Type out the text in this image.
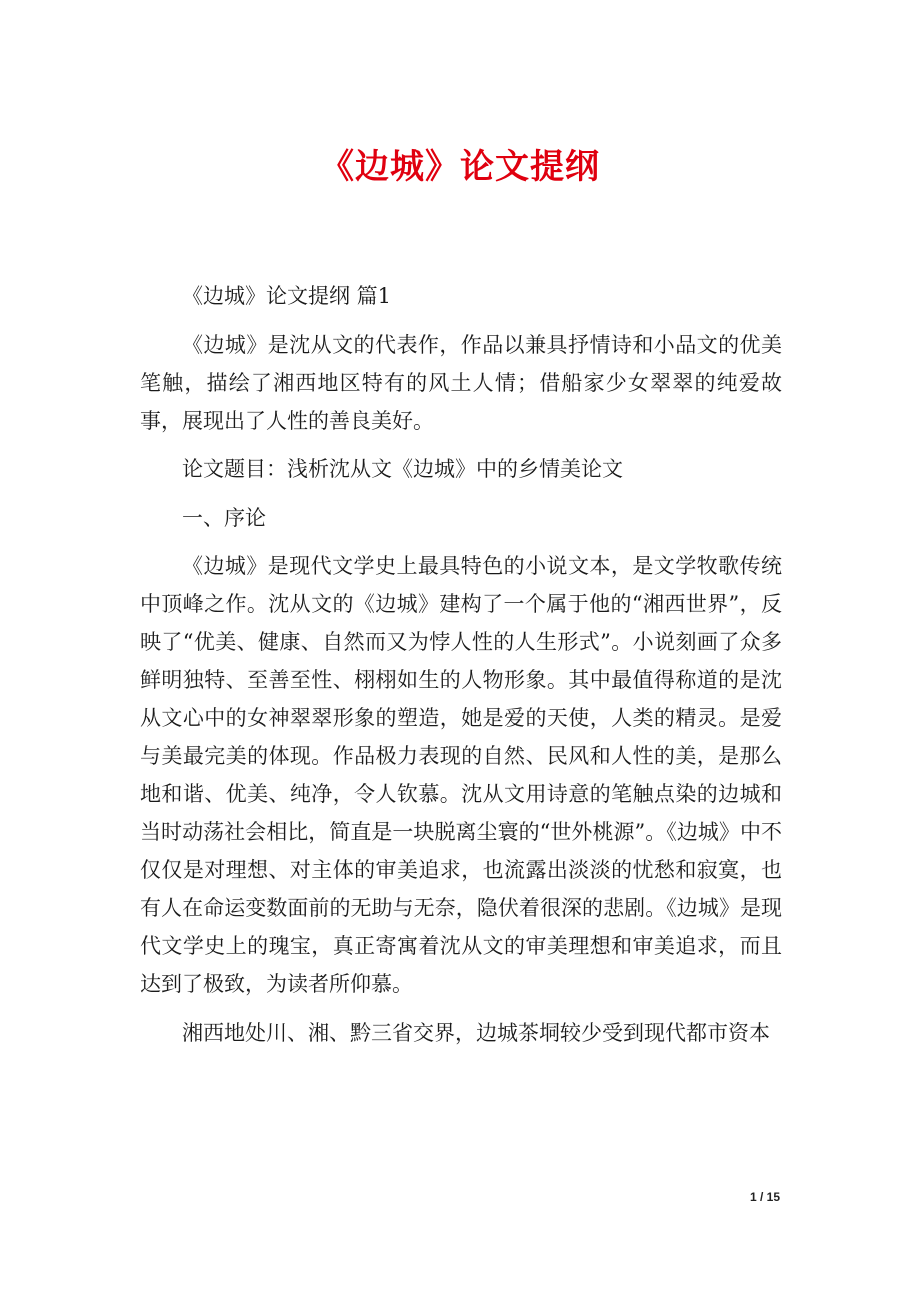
《边城》论文提纲

《边城》论文提纲 篇1

《边城》是沈从文的代表作，作品以兼具抒情诗和小品文的优美笔触，描绘了湘西地区特有的风土人情；借船家少女翠翠的纯爱故事，展现出了人性的善良美好。

论文题目：浅析沈从文《边城》中的乡情美论文

一、序论

《边城》是现代文学史上最具特色的小说文本，是文学牧歌传统中顶峰之作。沈从文的《边城》建构了一个属于他的“湘西世界”，反映了“优美、健康、自然而又为悖人性的人生形式”。小说刻画了众多鲜明独特、至善至性、栩栩如生的人物形象。其中最值得称道的是沈从文心中的女神翠翠形象的塑造，她是爱的天使，人类的精灵。是爱与美最完美的体现。作品极力表现的自然、民风和人性的美，是那么地和谐、优美、纯净，令人钦慕。沈从文用诗意的笔触点染的边城和当时动荡社会相比，简直是一块脱离尘寰的“世外桃源”。《边城》中不仅仅是对理想、对主体的审美追求，也流露出淡淡的忧愁和寂寞，也有人在命运变数面前的无助与无奈，隐伏着很深的悲剧。《边城》是现代文学史上的瑰宝，真正寄寓着沈从文的审美理想和审美追求，而且达到了极致，为读者所仰慕。

湘西地处川、湘、黔三省交界，边城茶垌较少受到现代都市资本

1 / 15
